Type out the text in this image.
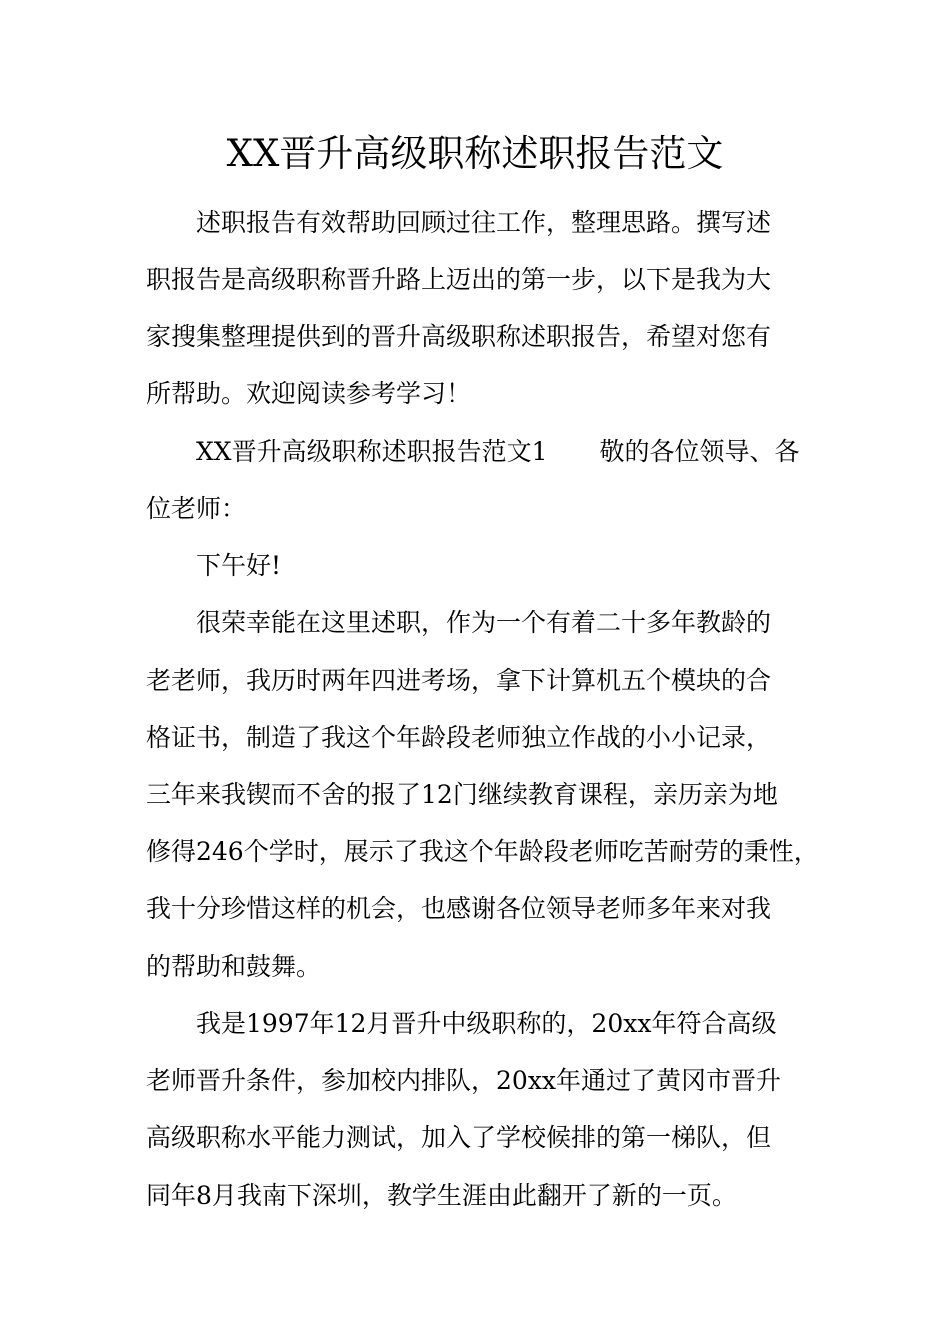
XX晋升高级职称述职报告范文
述职报告有效帮助回顾过往工作，整理思路。撰写述
职报告是高级职称晋升路上迈出的第一步，以下是我为大
家搜集整理提供到的晋升高级职称述职报告，希望对您有
所帮助。欢迎阅读参考学习！
XX晋升高级职称述职报告范文1 敬的各位领导、各
位老师：
下午好!
很荣幸能在这里述职，作为一个有着二十多年教龄的
老老师，我历时两年四进考场，拿下计算机五个模块的合
格证书，制造了我这个年龄段老师独立作战的小小记录，
三年来我锲而不舍的报了12门继续教育课程，亲历亲为地
修得246个学时，展示了我这个年龄段老师吃苦耐劳的秉性，
我十分珍惜这样的机会，也感谢各位领导老师多年来对我
的帮助和鼓舞。
我是1997年12月晋升中级职称的，20xx年符合高级
老师晋升条件，参加校内排队，20xx年通过了黄冈市晋升
高级职称水平能力测试，加入了学校候排的第一梯队，但
同年8月我南下深圳，教学生涯由此翻开了新的一页。
